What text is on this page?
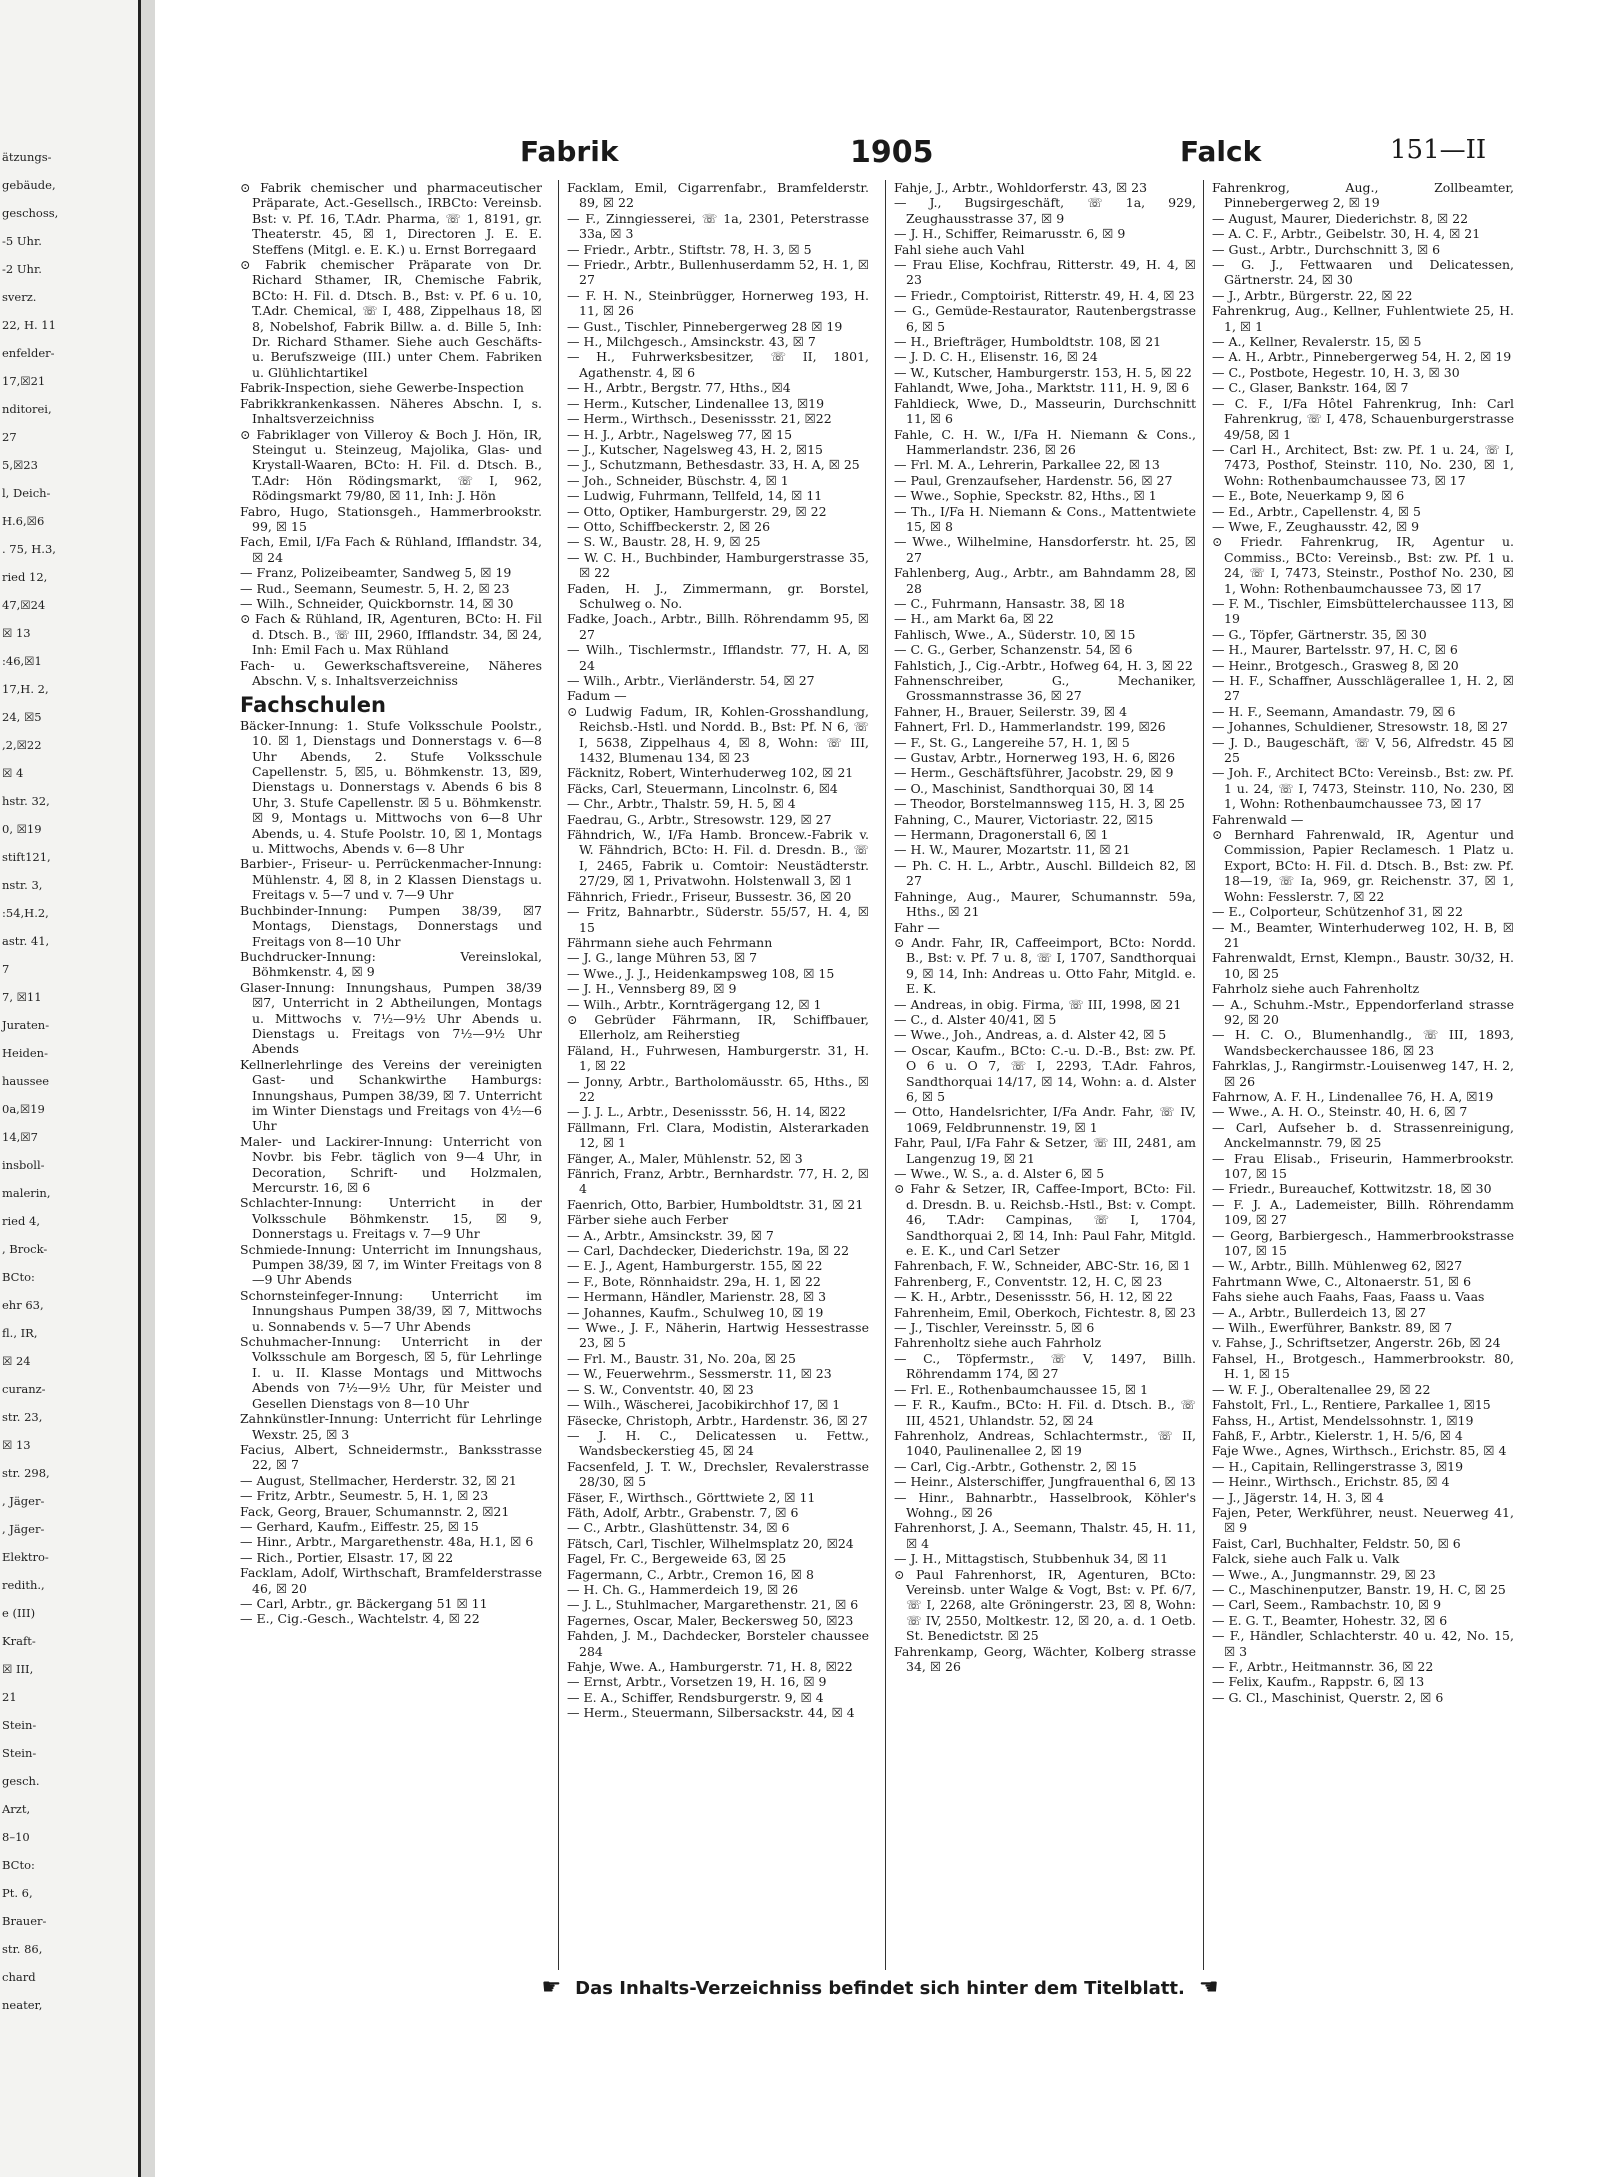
ätzungs-
gebäude,
geschoss,
-5 Uhr.
-2 Uhr.
sverz.
22, H. 11
enfelder-
17,☒21
nditorei,
27
5,☒23
l, Deich-
H.6,☒6
. 75, H.3,
ried 12,
47,☒24
☒ 13
:46,☒1
17,H. 2,
24, ☒5
,2,☒22
☒ 4
hstr. 32,
0, ☒19
stift121,
nstr. 3,
:54,H.2,
astr. 41,
7
7, ☒11
Juraten-
Heiden-
haussee
0a,☒19
14,☒7
insboll-
malerin,
ried 4,
, Brock-
BCto:
ehr 63,
fl., IR,
☒ 24
curanz-
str. 23,
☒ 13
str. 298,
, Jäger-
, Jäger-
Elektro-
redith.,
e (III)
Kraft-
☒ III,
21
Stein-
Stein-
gesch.
Arzt,
8–10
BCto:
Pt. 6,
Brauer-
str. 86,
chard
neater,
Fabrik	1905	Falck	151—II

⊙ Fabrik chemischer und pharmaceutischer Präparate, Act.-Gesellsch., IRBCto: Vereinsb. Bst: v. Pf. 16, T.Adr. Pharma, ☏ 1, 8191, gr. Theaterstr. 45, ☒ 1, Directoren J. E. E. Steffens (Mitgl. e. E. K.) u. Ernst Borregaard

⊙ Fabrik chemischer Präparate von Dr. Richard Sthamer, IR, Chemische Fabrik, BCto: H. Fil. d. Dtsch. B., Bst: v. Pf. 6 u. 10, T.Adr. Chemical, ☏ I, 488, Zippelhaus 18, ☒ 8, Nobelshof, Fabrik Billw. a. d. Bille 5, Inh: Dr. Richard Sthamer. Siehe auch Geschäfts- u. Berufszweige (III.) unter Chem. Fabriken u. Glühlichtartikel

Fabrik-Inspection, siehe Gewerbe-Inspection

Fabrikkrankenkassen. Näheres Abschn. I, s. Inhaltsverzeichniss

⊙ Fabriklager von Villeroy & Boch J. Hön, IR, Steingut u. Steinzeug, Majolika, Glas- und Krystall-Waaren, BCto: H. Fil. d. Dtsch. B., T.Adr: Hön Rödingsmarkt, ☏ I, 962, Rödingsmarkt 79/80, ☒ 11, Inh: J. Hön

Fabro, Hugo, Stationsgeh., Hammerbrookstr. 99, ☒ 15

Fach, Emil, I/Fa Fach & Rühland, Ifflandstr. 34, ☒ 24

— Franz, Polizeibeamter, Sandweg 5, ☒ 19

— Rud., Seemann, Seumestr. 5, H. 2, ☒ 23

— Wilh., Schneider, Quickbornstr. 14, ☒ 30

⊙ Fach & Rühland, IR, Agenturen, BCto: H. Fil d. Dtsch. B., ☏ III, 2960, Ifflandstr. 34, ☒ 24, Inh: Emil Fach u. Max Rühland

Fach- u. Gewerkschaftsvereine, Näheres Abschn. V, s. Inhaltsverzeichniss

Fachschulen

Bäcker-Innung: 1. Stufe Volksschule Poolstr., 10. ☒ 1, Dienstags und Donnerstags v. 6—8 Uhr Abends, 2. Stufe Volksschule Capellenstr. 5, ☒5, u. Böhmkenstr. 13, ☒9, Dienstags u. Donnerstags v. Abends 6 bis 8 Uhr, 3. Stufe Capellenstr. ☒ 5 u. Böhmkenstr. ☒ 9, Montags u. Mittwochs von 6—8 Uhr Abends, u. 4. Stufe Poolstr. 10, ☒ 1, Montags u. Mittwochs, Abends v. 6—8 Uhr

Barbier-, Friseur- u. Perrückenmacher-Innung: Mühlenstr. 4, ☒ 8, in 2 Klassen Dienstags u. Freitags v. 5—7 und v. 7—9 Uhr

Buchbinder-Innung: Pumpen 38/39, ☒7 Montags, Dienstags, Donnerstags und Freitags von 8—10 Uhr

Buchdrucker-Innung: Vereinslokal, Böhmkenstr. 4, ☒ 9

Glaser-Innung: Innungshaus, Pumpen 38/39 ☒7, Unterricht in 2 Abtheilungen, Montags u. Mittwochs v. 7½—9½ Uhr Abends u. Dienstags u. Freitags von 7½—9½ Uhr Abends

Kellnerlehrlinge des Vereins der vereinigten Gast- und Schankwirthe Hamburgs: Innungshaus, Pumpen 38/39, ☒ 7. Unterricht im Winter Dienstags und Freitags von 4½—6 Uhr

Maler- und Lackirer-Innung: Unterricht von Novbr. bis Febr. täglich von 9—4 Uhr, in Decoration, Schrift- und Holzmalen, Mercurstr. 16, ☒ 6

Schlachter-Innung: Unterricht in der Volksschule Böhmkenstr. 15, ☒ 9, Donnerstags u. Freitags v. 7—9 Uhr

Schmiede-Innung: Unterricht im Innungshaus, Pumpen 38/39, ☒ 7, im Winter Freitags von 8—9 Uhr Abends

Schornsteinfeger-Innung: Unterricht im Innungshaus Pumpen 38/39, ☒ 7, Mittwochs u. Sonnabends v. 5—7 Uhr Abends

Schuhmacher-Innung: Unterricht in der Volksschule am Borgesch, ☒ 5, für Lehrlinge I. u. II. Klasse Montags und Mittwochs Abends von 7½—9½ Uhr, für Meister und Gesellen Dienstags von 8—10 Uhr

Zahnkünstler-Innung: Unterricht für Lehrlinge Wexstr. 25, ☒ 3

Facius, Albert, Schneidermstr., Banksstrasse 22, ☒ 7

— August, Stellmacher, Herderstr. 32, ☒ 21

— Fritz, Arbtr., Seumestr. 5, H. 1, ☒ 23

Fack, Georg, Brauer, Schumannstr. 2, ☒21

— Gerhard, Kaufm., Eiffestr. 25, ☒ 15

— Hinr., Arbtr., Margarethenstr. 48a, H.1, ☒ 6

— Rich., Portier, Elsastr. 17, ☒ 22

Facklam, Adolf, Wirthschaft, Bramfelderstrasse 46, ☒ 20

— Carl, Arbtr., gr. Bäckergang 51 ☒ 11

— E., Cig.-Gesch., Wachtelstr. 4, ☒ 22

Facklam, Emil, Cigarrenfabr., Bramfelderstr. 89, ☒ 22

— F., Zinngiesserei, ☏ 1a, 2301, Peterstrasse 33a, ☒ 3

— Friedr., Arbtr., Stiftstr. 78, H. 3, ☒ 5

— Friedr., Arbtr., Bullenhuserdamm 52, H. 1, ☒ 27

— F. H. N., Steinbrügger, Hornerweg 193, H. 11, ☒ 26

— Gust., Tischler, Pinnebergerweg 28 ☒ 19

— H., Milchgesch., Amsinckstr. 43, ☒ 7

— H., Fuhrwerksbesitzer, ☏ II, 1801, Agathenstr. 4, ☒ 6

— H., Arbtr., Bergstr. 77, Hths., ☒4

— Herm., Kutscher, Lindenallee 13, ☒19

— Herm., Wirthsch., Desenissstr. 21, ☒22

— H. J., Arbtr., Nagelsweg 77, ☒ 15

— J., Kutscher, Nagelsweg 43, H. 2, ☒15

— J., Schutzmann, Bethesdastr. 33, H. A, ☒ 25

— Joh., Schneider, Büschstr. 4, ☒ 1

— Ludwig, Fuhrmann, Tellfeld, 14, ☒ 11

— Otto, Optiker, Hamburgerstr. 29, ☒ 22

— Otto, Schiffbeckerstr. 2, ☒ 26

— S. W., Baustr. 28, H. 9, ☒ 25

— W. C. H., Buchbinder, Hamburgerstrasse 35, ☒ 22

Faden, H. J., Zimmermann, gr. Borstel, Schulweg o. No.

Fadke, Joach., Arbtr., Billh. Röhrendamm 95, ☒ 27

— Wilh., Tischlermstr., Ifflandstr. 77, H. A, ☒ 24

— Wilh., Arbtr., Vierländerstr. 54, ☒ 27

Fadum —

⊙ Ludwig Fadum, IR, Kohlen-Grosshandlung, Reichsb.-Hstl. und Nordd. B., Bst: Pf. N 6, ☏ I, 5638, Zippelhaus 4, ☒ 8, Wohn: ☏ III, 1432, Blumenau 134, ☒ 23

Fäcknitz, Robert, Winterhuderweg 102, ☒ 21

Fäcks, Carl, Steuermann, Lincolnstr. 6, ☒4

— Chr., Arbtr., Thalstr. 59, H. 5, ☒ 4

Faedrau, G., Arbtr., Stresowstr. 129, ☒ 27

Fähndrich, W., I/Fa Hamb. Broncew.-Fabrik v. W. Fähndrich, BCto: H. Fil. d. Dresdn. B., ☏ I, 2465, Fabrik u. Comtoir: Neustädterstr. 27/29, ☒ 1, Privatwohn. Holstenwall 3, ☒ 1

Fähnrich, Friedr., Friseur, Bussestr. 36, ☒ 20

— Fritz, Bahnarbtr., Süderstr. 55/57, H. 4, ☒ 15

Fährmann siehe auch Fehrmann

— J. G., lange Mühren 53, ☒ 7

— Wwe., J. J., Heidenkampsweg 108, ☒ 15

— J. H., Vennsberg 89, ☒ 9

— Wilh., Arbtr., Kornträgergang 12, ☒ 1

⊙ Gebrüder Fährmann, IR, Schiffbauer, Ellerholz, am Reiherstieg

Fäland, H., Fuhrwesen, Hamburgerstr. 31, H. 1, ☒ 22

— Jonny, Arbtr., Bartholomäusstr. 65, Hths., ☒ 22

— J. J. L., Arbtr., Desenissstr. 56, H. 14, ☒22

Fällmann, Frl. Clara, Modistin, Alsterarkaden 12, ☒ 1

Fänger, A., Maler, Mühlenstr. 52, ☒ 3

Fänrich, Franz, Arbtr., Bernhardstr. 77, H. 2, ☒ 4

Faenrich, Otto, Barbier, Humboldtstr. 31, ☒ 21

Färber siehe auch Ferber

— A., Arbtr., Amsinckstr. 39, ☒ 7

— Carl, Dachdecker, Diederichstr. 19a, ☒ 22

— E. J., Agent, Hamburgerstr. 155, ☒ 22

— F., Bote, Rönnhaidstr. 29a, H. 1, ☒ 22

— Hermann, Händler, Marienstr. 28, ☒ 3

— Johannes, Kaufm., Schulweg 10, ☒ 19

— Wwe., J. F., Näherin, Hartwig Hessestrasse 23, ☒ 5

— Frl. M., Baustr. 31, No. 20a, ☒ 25

— W., Feuerwehrm., Sessmerstr. 11, ☒ 23

— S. W., Conventstr. 40, ☒ 23

— Wilh., Wäscherei, Jacobikirchhof 17, ☒ 1

Fäsecke, Christoph, Arbtr., Hardenstr. 36, ☒ 27

— J. H. C., Delicatessen u. Fettw., Wandsbeckerstieg 45, ☒ 24

Facsenfeld, J. T. W., Drechsler, Revalerstrasse 28/30, ☒ 5

Fäser, F., Wirthsch., Görttwiete 2, ☒ 11

Fäth, Adolf, Arbtr., Grabenstr. 7, ☒ 6

— C., Arbtr., Glashüttenstr. 34, ☒ 6

Fätsch, Carl, Tischler, Wilhelmsplatz 20, ☒24

Fagel, Fr. C., Bergeweide 63, ☒ 25

Fagermann, C., Arbtr., Cremon 16, ☒ 8

— H. Ch. G., Hammerdeich 19, ☒ 26

— J. L., Stuhlmacher, Margarethenstr. 21, ☒ 6

Fagernes, Oscar, Maler, Beckersweg 50, ☒23

Fahden, J. M., Dachdecker, Borsteler chaussee 284

Fahje, Wwe. A., Hamburgerstr. 71, H. 8, ☒22

— Ernst, Arbtr., Vorsetzen 19, H. 16, ☒ 9

— E. A., Schiffer, Rendsburgerstr. 9, ☒ 4

— Herm., Steuermann, Silbersackstr. 44, ☒ 4

Fahje, J., Arbtr., Wohldorferstr. 43, ☒ 23

— J., Bugsirgeschäft, ☏ 1a, 929, Zeughausstrasse 37, ☒ 9

— J. H., Schiffer, Reimarusstr. 6, ☒ 9

Fahl siehe auch Vahl

— Frau Elise, Kochfrau, Ritterstr. 49, H. 4, ☒ 23

— Friedr., Comptoirist, Ritterstr. 49, H. 4, ☒ 23

— G., Gemüde-Restaurator, Rautenbergstrasse 6, ☒ 5

— H., Briefträger, Humboldtstr. 108, ☒ 21

— J. D. C. H., Elisenstr. 16, ☒ 24

— W., Kutscher, Hamburgerstr. 153, H. 5, ☒ 22

Fahlandt, Wwe, Joha., Marktstr. 111, H. 9, ☒ 6

Fahldieck, Wwe, D., Masseurin, Durchschnitt 11, ☒ 6

Fahle, C. H. W., I/Fa H. Niemann & Cons., Hammerlandstr. 236, ☒ 26

— Frl. M. A., Lehrerin, Parkallee 22, ☒ 13

— Paul, Grenzaufseher, Hardenstr. 56, ☒ 27

— Wwe., Sophie, Speckstr. 82, Hths., ☒ 1

— Th., I/Fa H. Niemann & Cons., Mattentwiete 15, ☒ 8

— Wwe., Wilhelmine, Hansdorferstr. ht. 25, ☒ 27

Fahlenberg, Aug., Arbtr., am Bahndamm 28, ☒ 28

— C., Fuhrmann, Hansastr. 38, ☒ 18

— H., am Markt 6a, ☒ 22

Fahlisch, Wwe., A., Süderstr. 10, ☒ 15

— C. G., Gerber, Schanzenstr. 54, ☒ 6

Fahlstich, J., Cig.-Arbtr., Hofweg 64, H. 3, ☒ 22

Fahnenschreiber, G., Mechaniker, Grossmannstrasse 36, ☒ 27

Fahner, H., Brauer, Seilerstr. 39, ☒ 4

Fahnert, Frl. D., Hammerlandstr. 199, ☒26

— F., St. G., Langereihe 57, H. 1, ☒ 5

— Gustav, Arbtr., Hornerweg 193, H. 6, ☒26

— Herm., Geschäftsführer, Jacobstr. 29, ☒ 9

— O., Maschinist, Sandthorquai 30, ☒ 14

— Theodor, Borstelmannsweg 115, H. 3, ☒ 25

Fahning, C., Maurer, Victoriastr. 22, ☒15

— Hermann, Dragonerstall 6, ☒ 1

— H. W., Maurer, Mozartstr. 11, ☒ 21

— Ph. C. H. L., Arbtr., Auschl. Billdeich 82, ☒ 27

Fahninge, Aug., Maurer, Schumannstr. 59a, Hths., ☒ 21

Fahr —

⊙ Andr. Fahr, IR, Caffeeimport, BCto: Nordd. B., Bst: v. Pf. 7 u. 8, ☏ I, 1707, Sandthorquai 9, ☒ 14, Inh: Andreas u. Otto Fahr, Mitgld. e. E. K.

— Andreas, in obig. Firma, ☏ III, 1998, ☒ 21

— C., d. Alster 40/41, ☒ 5

— Wwe., Joh., Andreas, a. d. Alster 42, ☒ 5

— Oscar, Kaufm., BCto: C.-u. D.-B., Bst: zw. Pf. O 6 u. O 7, ☏ I, 2293, T.Adr. Fahros, Sandthorquai 14/17, ☒ 14, Wohn: a. d. Alster 6, ☒ 5

— Otto, Handelsrichter, I/Fa Andr. Fahr, ☏ IV, 1069, Feldbrunnenstr. 19, ☒ 1

Fahr, Paul, I/Fa Fahr & Setzer, ☏ III, 2481, am Langenzug 19, ☒ 21

— Wwe., W. S., a. d. Alster 6, ☒ 5

⊙ Fahr & Setzer, IR, Caffee-Import, BCto: Fil. d. Dresdn. B. u. Reichsb.-Hstl., Bst: v. Compt. 46, T.Adr: Campinas, ☏ I, 1704, Sandthorquai 2, ☒ 14, Inh: Paul Fahr, Mitgld. e. E. K., und Carl Setzer

Fahrenbach, F. W., Schneider, ABC-Str. 16, ☒ 1

Fahrenberg, F., Conventstr. 12, H. C, ☒ 23

— K. H., Arbtr., Desenissstr. 56, H. 12, ☒ 22

Fahrenheim, Emil, Oberkoch, Fichtestr. 8, ☒ 23

— J., Tischler, Vereinsstr. 5, ☒ 6

Fahrenholtz siehe auch Fahrholz

— C., Töpfermstr., ☏ V, 1497, Billh. Röhrendamm 174, ☒ 27

— Frl. E., Rothenbaumchaussee 15, ☒ 1

— F. R., Kaufm., BCto: H. Fil. d. Dtsch. B., ☏ III, 4521, Uhlandstr. 52, ☒ 24

Fahrenholz, Andreas, Schlachtermstr., ☏ II, 1040, Paulinenallee 2, ☒ 19

— Carl, Cig.-Arbtr., Gothenstr. 2, ☒ 15

— Heinr., Alsterschiffer, Jungfrauenthal 6, ☒ 13

— Hinr., Bahnarbtr., Hasselbrook, Köhler's Wohng., ☒ 26

Fahrenhorst, J. A., Seemann, Thalstr. 45, H. 11, ☒ 4

— J. H., Mittagstisch, Stubbenhuk 34, ☒ 11

⊙ Paul Fahrenhorst, IR, Agenturen, BCto: Vereinsb. unter Walge & Vogt, Bst: v. Pf. 6/7, ☏ I, 2268, alte Gröningerstr. 23, ☒ 8, Wohn: ☏ IV, 2550, Moltkestr. 12, ☒ 20, a. d. 1 Oetb. St. Benedictstr. ☒ 25

Fahrenkamp, Georg, Wächter, Kolberg strasse 34, ☒ 26

Fahrenkrog, Aug., Zollbeamter, Pinnebergerweg 2, ☒ 19

— August, Maurer, Diederichstr. 8, ☒ 22

— A. C. F., Arbtr., Geibelstr. 30, H. 4, ☒ 21

— Gust., Arbtr., Durchschnitt 3, ☒ 6

— G. J., Fettwaaren und Delicatessen, Gärtnerstr. 24, ☒ 30

— J., Arbtr., Bürgerstr. 22, ☒ 22

Fahrenkrug, Aug., Kellner, Fuhlentwiete 25, H. 1, ☒ 1

— A., Kellner, Revalerstr. 15, ☒ 5

— A. H., Arbtr., Pinnebergerweg 54, H. 2, ☒ 19

— C., Postbote, Hegestr. 10, H. 3, ☒ 30

— C., Glaser, Bankstr. 164, ☒ 7

— C. F., I/Fa Hôtel Fahrenkrug, Inh: Carl Fahrenkrug, ☏ I, 478, Schauenburgerstrasse 49/58, ☒ 1

— Carl H., Architect, Bst: zw. Pf. 1 u. 24, ☏ I, 7473, Posthof, Steinstr. 110, No. 230, ☒ 1, Wohn: Rothenbaumchaussee 73, ☒ 17

— E., Bote, Neuerkamp 9, ☒ 6

— Ed., Arbtr., Capellenstr. 4, ☒ 5

— Wwe, F., Zeughausstr. 42, ☒ 9

⊙ Friedr. Fahrenkrug, IR, Agentur u. Commiss., BCto: Vereinsb., Bst: zw. Pf. 1 u. 24, ☏ I, 7473, Steinstr., Posthof No. 230, ☒ 1, Wohn: Rothenbaumchaussee 73, ☒ 17

— F. M., Tischler, Eimsbüttelerchaussee 113, ☒ 19

— G., Töpfer, Gärtnerstr. 35, ☒ 30

— H., Maurer, Bartelsstr. 97, H. C, ☒ 6

— Heinr., Brotgesch., Grasweg 8, ☒ 20

— H. F., Schaffner, Ausschlägerallee 1, H. 2, ☒ 27

— H. F., Seemann, Amandastr. 79, ☒ 6

— Johannes, Schuldiener, Stresowstr. 18, ☒ 27

— J. D., Baugeschäft, ☏ V, 56, Alfredstr. 45 ☒ 25

— Joh. F., Architect BCto: Vereinsb., Bst: zw. Pf. 1 u. 24, ☏ I, 7473, Steinstr. 110, No. 230, ☒ 1, Wohn: Rothenbaumchaussee 73, ☒ 17

Fahrenwald —

⊙ Bernhard Fahrenwald, IR, Agentur und Commission, Papier Reclamesch. 1 Platz u. Export, BCto: H. Fil. d. Dtsch. B., Bst: zw. Pf. 18—19, ☏ Ia, 969, gr. Reichenstr. 37, ☒ 1, Wohn: Fesslerstr. 7, ☒ 22

— E., Colporteur, Schützenhof 31, ☒ 22

— M., Beamter, Winterhuderweg 102, H. B, ☒ 21

Fahrenwaldt, Ernst, Klempn., Baustr. 30/32, H. 10, ☒ 25

Fahrholz siehe auch Fahrenholtz

— A., Schuhm.-Mstr., Eppendorferland strasse 92, ☒ 20

— H. C. O., Blumenhandlg., ☏ III, 1893, Wandsbeckerchaussee 186, ☒ 23

Fahrklas, J., Rangirmstr.-Louisenweg 147, H. 2, ☒ 26

Fahrnow, A. F. H., Lindenallee 76, H. A, ☒19

— Wwe., A. H. O., Steinstr. 40, H. 6, ☒ 7

— Carl, Aufseher b. d. Strassenreinigung, Anckelmannstr. 79, ☒ 25

— Frau Elisab., Friseurin, Hammerbrookstr. 107, ☒ 15

— Friedr., Bureauchef, Kottwitzstr. 18, ☒ 30

— F. J. A., Lademeister, Billh. Röhrendamm 109, ☒ 27

— Georg, Barbiergesch., Hammerbrookstrasse 107, ☒ 15

— W., Arbtr., Billh. Mühlenweg 62, ☒27

Fahrtmann Wwe, C., Altonaerstr. 51, ☒ 6

Fahs siehe auch Faahs, Faas, Faass u. Vaas

— A., Arbtr., Bullerdeich 13, ☒ 27

— Wilh., Ewerführer, Bankstr. 89, ☒ 7

v. Fahse, J., Schriftsetzer, Angerstr. 26b, ☒ 24

Fahsel, H., Brotgesch., Hammerbrookstr. 80, H. 1, ☒ 15

— W. F. J., Oberaltenallee 29, ☒ 22

Fahstolt, Frl., L., Rentiere, Parkallee 1, ☒15

Fahss, H., Artist, Mendelssohnstr. 1, ☒19

Fahß, F., Arbtr., Kielerstr. 1, H. 5/6, ☒ 4

Faje Wwe., Agnes, Wirthsch., Erichstr. 85, ☒ 4

— H., Capitain, Rellingerstrasse 3, ☒19

— Heinr., Wirthsch., Erichstr. 85, ☒ 4

— J., Jägerstr. 14, H. 3, ☒ 4

Fajen, Peter, Werkführer, neust. Neuerweg 41, ☒ 9

Faist, Carl, Buchhalter, Feldstr. 50, ☒ 6

Falck, siehe auch Falk u. Valk

— Wwe., A., Jungmannstr. 29, ☒ 23

— C., Maschinenputzer, Banstr. 19, H. C, ☒ 25

— Carl, Seem., Rambachstr. 10, ☒ 9

— E. G. T., Beamter, Hohestr. 32, ☒ 6

— F., Händler, Schlachterstr. 40 u. 42, No. 15, ☒ 3

— F., Arbtr., Heitmannstr. 36, ☒ 22

— Felix, Kaufm., Rappstr. 6, ☒ 13

— G. Cl., Maschinist, Querstr. 2, ☒ 6

☛ Das Inhalts-Verzeichniss befindet sich hinter dem Titelblatt. ☚
